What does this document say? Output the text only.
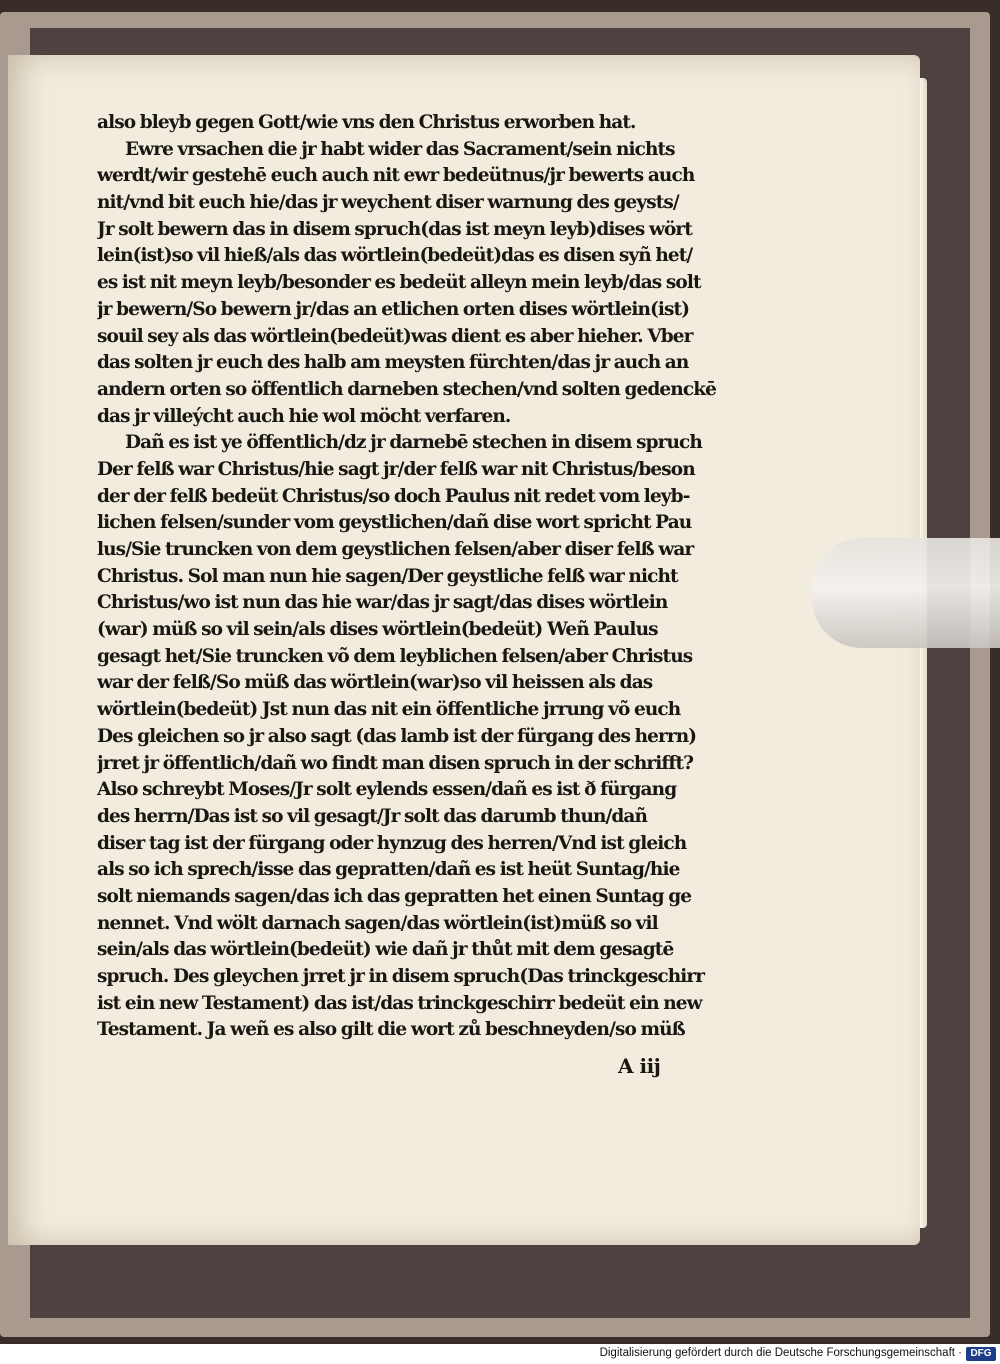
also bleyb gegen Gott/wie vns den Christus erworben hat.
Ewre vrsachen die jr habt wider das Sacrament/sein nichts
werdt/wir gestehē euch auch nit ewr bedeütnus/jr bewerts auch
nit/vnd bit euch hie/das jr weychent diser warnung des geysts/
Jr solt bewern das in disem spruch(das ist meyn leyb)dises wört
lein(ist)so vil hieß/als das wörtlein(bedeüt)das es disen syñ het/
es ist nit meyn leyb/besonder es bedeüt alleyn mein leyb/das solt
jr bewern/So bewern jr/das an etlichen orten dises wörtlein(ist)
souil sey als das wörtlein(bedeüt)was dient es aber hieher. Vber
das solten jr euch des halb am meysten fürchten/das jr auch an
andern orten so öffentlich darneben stechen/vnd solten gedenckē
das jr villeýcht auch hie wol möcht verfaren.
Dañ es ist ye öffentlich/dz jr darnebē stechen in disem spruch
Der felß war Christus/hie sagt jr/der felß war nit Christus/beson
der der felß bedeüt Christus/so doch Paulus nit redet vom leyb-
lichen felsen/sunder vom geystlichen/dañ dise wort spricht Pau
lus/Sie truncken von dem geystlichen felsen/aber diser felß war
Christus. Sol man nun hie sagen/Der geystliche felß war nicht
Christus/wo ist nun das hie war/das jr sagt/das dises wörtlein
(war) müß so vil sein/als dises wörtlein(bedeüt) Weñ Paulus
gesagt het/Sie truncken võ dem leyblichen felsen/aber Christus
war der felß/So müß das wörtlein(war)so vil heissen als das
wörtlein(bedeüt) Jst nun das nit ein öffentliche jrrung võ euch
Des gleichen so jr also sagt (das lamb ist der fürgang des herrn)
jrret jr öffentlich/dañ wo findt man disen spruch in der schrifft?
Also schreybt Moses/Jr solt eylends essen/dañ es ist ð fürgang
des herrn/Das ist so vil gesagt/Jr solt das darumb thun/dañ
diser tag ist der fürgang oder hynzug des herren/Vnd ist gleich
als so ich sprech/isse das gepratten/dañ es ist heüt Suntag/hie
solt niemands sagen/das ich das gepratten het einen Suntag ge
nennet. Vnd wölt darnach sagen/das wörtlein(ist)müß so vil
sein/als das wörtlein(bedeüt) wie dañ jr thůt mit dem gesagtē
spruch. Des gleychen jrret jr in disem spruch(Das trinckgeschirr
ist ein new Testament) das ist/das trinckgeschirr bedeüt ein new
Testament. Ja weñ es also gilt die wort zů beschneyden/so müß
A iij
Digitalisierung gefördert durch die Deutsche Forschungsgemeinschaft · DFG
